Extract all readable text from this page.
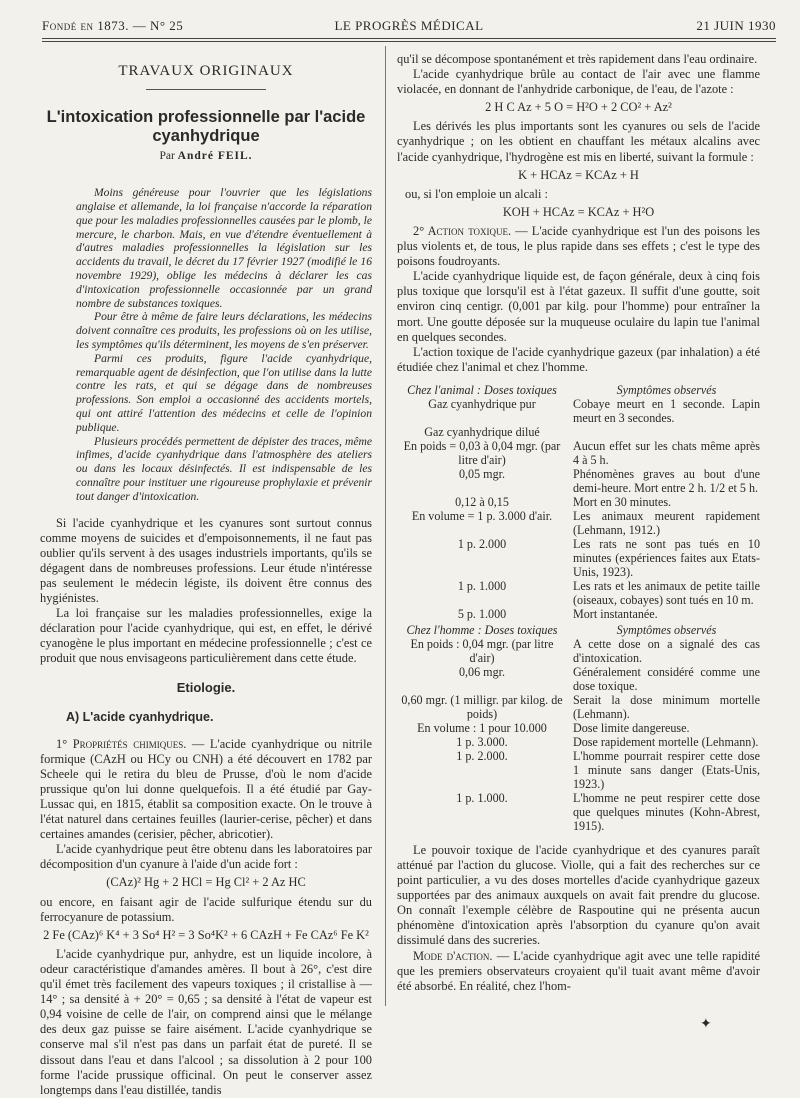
Fondé en 1873. — N° 25	LE PROGRÈS MÉDICAL	21 JUIN 1930
TRAVAUX ORIGINAUX
L'intoxication professionnelle par l'acide cyanhydrique
Par André FEIL.

Moins généreuse pour l'ouvrier que les législations anglaise et allemande, la loi française n'accorde la réparation que pour les maladies professionnelles causées par le plomb, le mercure, le charbon. Mais, en vue d'étendre éventuellement à d'autres maladies professionnelles la législation sur les accidents du travail, le décret du 17 février 1927 (modifié le 16 novembre 1929), oblige les médecins à déclarer les cas d'intoxication professionnelle occasionnée par un grand nombre de substances toxiques.

Pour être à même de faire leurs déclarations, les médecins doivent connaître ces produits, les professions où on les utilise, les symptômes qu'ils déterminent, les moyens de s'en préserver.

Parmi ces produits, figure l'acide cyanhydrique, remarquable agent de désinfection, que l'on utilise dans la lutte contre les rats, et qui se dégage dans de nombreuses professions. Son emploi a occasionné des accidents mortels, qui ont attiré l'attention des médecins et celle de l'opinion publique.

Plusieurs procédés permettent de dépister des traces, même infimes, d'acide cyanhydrique dans l'atmosphère des ateliers ou dans les locaux désinfectés. Il est indispensable de les connaître pour instituer une rigoureuse prophylaxie et prévenir tout danger d'intoxication.

Si l'acide cyanhydrique et les cyanures sont surtout connus comme moyens de suicides et d'empoisonnements, il ne faut pas oublier qu'ils servent à des usages industriels importants, qu'ils se dégagent dans de nombreuses professions. Leur étude n'intéresse pas seulement le médecin légiste, ils doivent être connus des hygiénistes.

La loi française sur les maladies professionnelles, exige la déclaration pour l'acide cyanhydrique, qui est, en effet, le dérivé cyanogène le plus important en médecine professionnelle ; c'est ce produit que nous envisageons particulièrement dans cette étude.

Etiologie.
A) L'acide cyanhydrique.

1° Propriétés chimiques. — L'acide cyanhydrique ou nitrile formique (CAzH ou HCy ou CNH) a été découvert en 1782 par Scheele qui le retira du bleu de Prusse, d'où le nom d'acide prussique qu'on lui donne quelquefois. Il a été étudié par Gay-Lussac qui, en 1815, établit sa composition exacte. On le trouve à l'état naturel dans certaines feuilles (laurier-cerise, pêcher) et dans certaines amandes (cerisier, pêcher, abricotier).

L'acide cyanhydrique peut être obtenu dans les laboratoires par décomposition d'un cyanure à l'aide d'un acide fort :

(CAz)² Hg + 2 HCl = Hg Cl² + 2 Az HC

ou encore, en faisant agir de l'acide sulfurique étendu sur du ferrocyanure de potassium.

2 Fe (CAz)⁶ K⁴ + 3 So⁴ H² = 3 So⁴K² + 6 CAzH + Fe CAz⁶ Fe K²

L'acide cyanhydrique pur, anhydre, est un liquide incolore, à odeur caractéristique d'amandes amères. Il bout à 26°, c'est dire qu'il émet très facilement des vapeurs toxiques ; il cristallise à — 14° ; sa densité à + 20° = 0,65 ; sa densité à l'état de vapeur est 0,94 voisine de celle de l'air, on comprend ainsi que le mélange des deux gaz puisse se faire aisément. L'acide cyanhydrique se conserve mal s'il n'est pas dans un parfait état de pureté. Il se dissout dans l'eau et dans l'alcool ; sa dissolution à 2 pour 100 forme l'acide prussique officinal. On peut le conserver assez longtemps dans l'eau distillée, tandis

qu'il se décompose spontanément et très rapidement dans l'eau ordinaire.

L'acide cyanhydrique brûle au contact de l'air avec une flamme violacée, en donnant de l'anhydride carbonique, de l'eau, de l'azote :

2 H C Az + 5 O = H²O + 2 CO² + Az²

Les dérivés les plus importants sont les cyanures ou sels de l'acide cyanhydrique ; on les obtient en chauffant les métaux alcalins avec l'acide cyanhydrique, l'hydrogène est mis en liberté, suivant la formule :

K + HCAz = KCAz + H

ou, si l'on emploie un alcali :

KOH + HCAz = KCAz + H²O

2° Action toxique. — L'acide cyanhydrique est l'un des poisons les plus violents et, de tous, le plus rapide dans ses effets ; c'est le type des poisons foudroyants.

L'acide cyanhydrique liquide est, de façon générale, deux à cinq fois plus toxique que lorsqu'il est à l'état gazeux. Il suffit d'une goutte, soit environ cinq centigr. (0,001 par kilg. pour l'homme) pour entraîner la mort. Une goutte déposée sur la muqueuse oculaire du lapin tue l'animal en quelques secondes.

L'action toxique de l'acide cyanhydrique gazeux (par inhalation) a été étudiée chez l'animal et chez l'homme.

Chez l'animal : Doses toxiques	Symptômes observés
Gaz cyanhydrique pur	Cobaye meurt en 1 seconde. Lapin meurt en 3 secondes.
Gaz cyanhydrique dilué	
En poids = 0,03 à 0,04 mgr. (par litre d'air)	Aucun effet sur les chats même après 4 à 5 h.
0,05 mgr.	Phénomènes graves au bout d'une demi-heure. Mort entre 2 h. 1/2 et 5 h.
0,12 à 0,15	Mort en 30 minutes.
En volume = 1 p. 3.000 d'air.	Les animaux meurent rapidement (Lehmann, 1912.)
1 p. 2.000	Les rats ne sont pas tués en 10 minutes (expériences faites aux Etats-Unis, 1923).
1 p. 1.000	Les rats et les animaux de petite taille (oiseaux, cobayes) sont tués en 10 m.
5 p. 1.000	Mort instantanée.
Chez l'homme : Doses toxiques	Symptômes observés
En poids : 0,04 mgr. (par litre d'air)	A cette dose on a signalé des cas d'intoxication.
0,06 mgr.	Généralement considéré comme une dose toxique.
0,60 mgr. (1 milligr. par kilog. de poids)	Serait la dose minimum mortelle (Lehmann).
En volume : 1 pour 10.000	Dose limite dangereuse.
1 p. 3.000.	Dose rapidement mortelle (Lehmann).
1 p. 2.000.	L'homme pourrait respirer cette dose 1 minute sans danger (Etats-Unis, 1923.)
1 p. 1.000.	L'homme ne peut respirer cette dose que quelques minutes (Kohn-Abrest, 1915).

Le pouvoir toxique de l'acide cyanhydrique et des cyanures paraît atténué par l'action du glucose. Violle, qui a fait des recherches sur ce point particulier, a vu des doses mortelles d'acide cyanhydrique gazeux supportées par des animaux auxquels on avait fait prendre du glucose. On connaît l'exemple célèbre de Raspoutine qui ne présenta aucun phénomène d'intoxication après l'absorption du cyanure qu'on avait dissimulé dans des sucreries.

Mode d'action. — L'acide cyanhydrique agit avec une telle rapidité que les premiers observateurs croyaient qu'il tuait avant même d'avoir été absorbé. En réalité, chez l'hom-

✦
